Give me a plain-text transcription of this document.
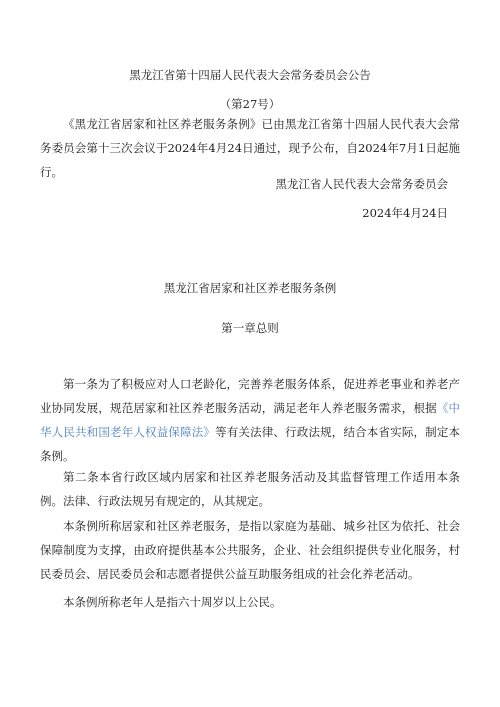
黑龙江省第十四届人民代表大会常务委员会公告
（第27号）
《黑龙江省居家和社区养老服务条例》已由黑龙江省第十四届人民代表大会常务委员会第十三次会议于2024年4月24日通过，现予公布，自2024年7月1日起施行。
黑龙江省人民代表大会常务委员会
2024年4月24日
黑龙江省居家和社区养老服务条例
第一章总则
第一条为了积极应对人口老龄化，完善养老服务体系，促进养老事业和养老产业协同发展，规范居家和社区养老服务活动，满足老年人养老服务需求，根据《中华人民共和国老年人权益保障法》等有关法律、行政法规，结合本省实际，制定本条例。
第二条本省行政区域内居家和社区养老服务活动及其监督管理工作适用本条例。法律、行政法规另有规定的，从其规定。
本条例所称居家和社区养老服务，是指以家庭为基础、城乡社区为依托、社会保障制度为支撑，由政府提供基本公共服务，企业、社会组织提供专业化服务，村民委员会、居民委员会和志愿者提供公益互助服务组成的社会化养老活动。
本条例所称老年人是指六十周岁以上公民。
